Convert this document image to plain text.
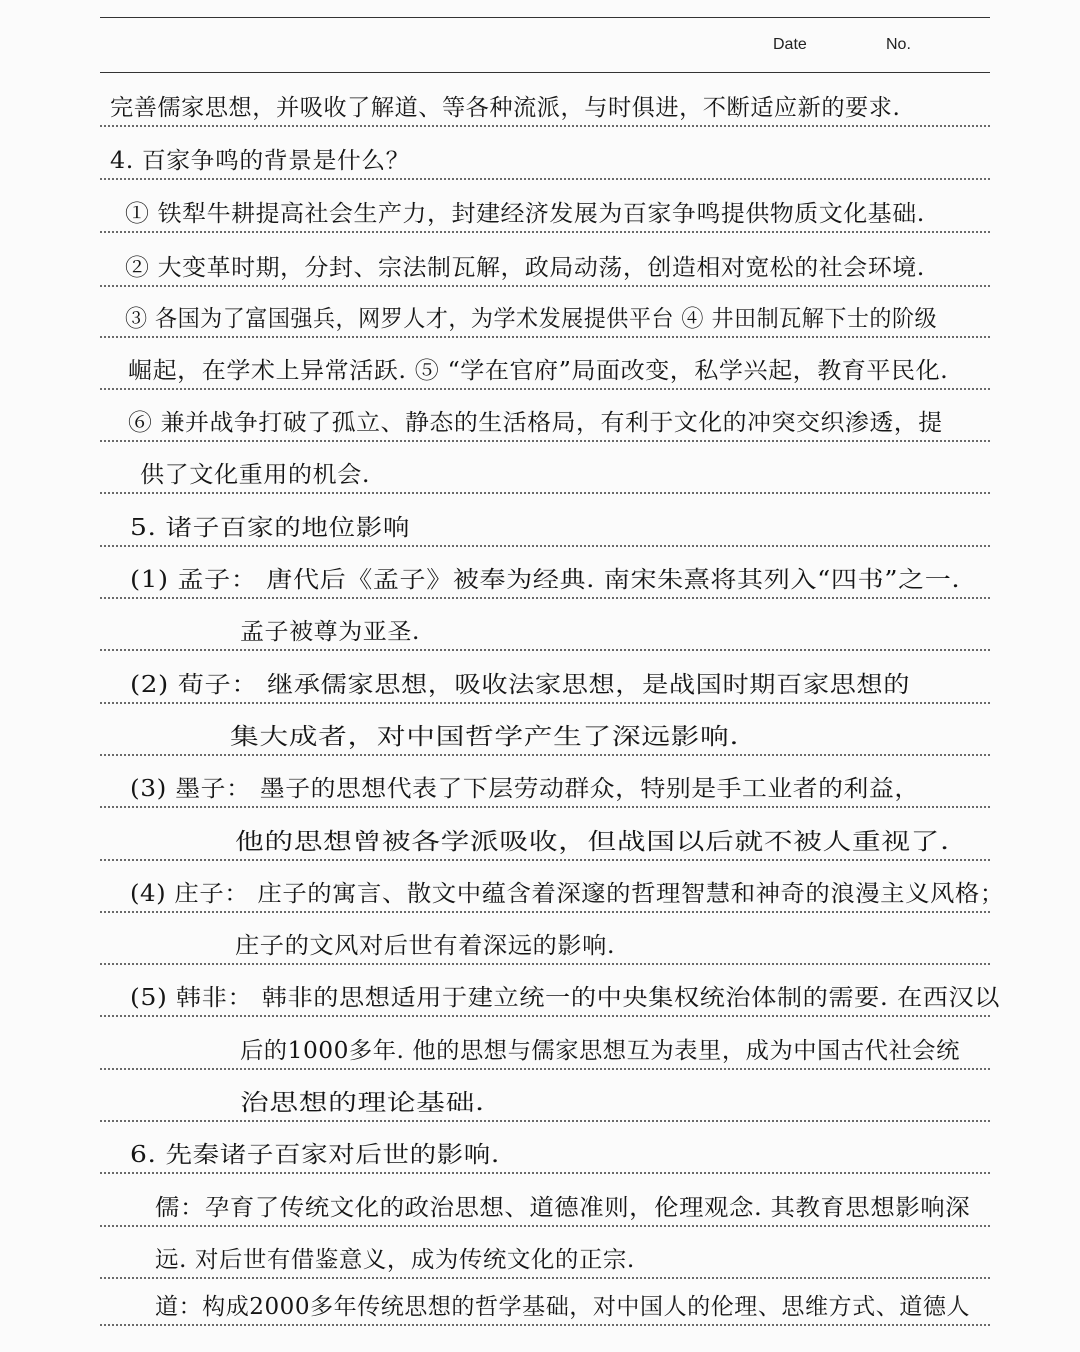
Date	No.
完善儒家思想，并吸收了解道、等各种流派，与时俱进，不断适应新的要求.
4. 百家争鸣的背景是什么？
① 铁犁牛耕提高社会生产力，封建经济发展为百家争鸣提供物质文化基础.
② 大变革时期，分封、宗法制瓦解，政局动荡，创造相对宽松的社会环境.
③ 各国为了富国强兵，网罗人才，为学术发展提供平台 ④ 井田制瓦解下士的阶级
崛起，在学术上异常活跃. ⑤ “学在官府”局面改变，私学兴起，教育平民化.
⑥ 兼并战争打破了孤立、静态的生活格局，有利于文化的冲突交织渗透，提
供了文化重用的机会.
5. 诸子百家的地位影响
(1) 孟子： 唐代后《孟子》被奉为经典. 南宋朱熹将其列入“四书”之一.
孟子被尊为亚圣.
(2) 荀子： 继承儒家思想，吸收法家思想，是战国时期百家思想的
集大成者，对中国哲学产生了深远影响.
(3) 墨子： 墨子的思想代表了下层劳动群众，特别是手工业者的利益，
他的思想曾被各学派吸收，但战国以后就不被人重视了.
(4) 庄子： 庄子的寓言、散文中蕴含着深邃的哲理智慧和神奇的浪漫主义风格；
庄子的文风对后世有着深远的影响.
(5) 韩非： 韩非的思想适用于建立统一的中央集权统治体制的需要. 在西汉以
后的1000多年. 他的思想与儒家思想互为表里，成为中国古代社会统
治思想的理论基础.
6. 先秦诸子百家对后世的影响.
儒：孕育了传统文化的政治思想、道德准则，伦理观念. 其教育思想影响深
远. 对后世有借鉴意义，成为传统文化的正宗.
道：构成2000多年传统思想的哲学基础，对中国人的伦理、思维方式、道德人
